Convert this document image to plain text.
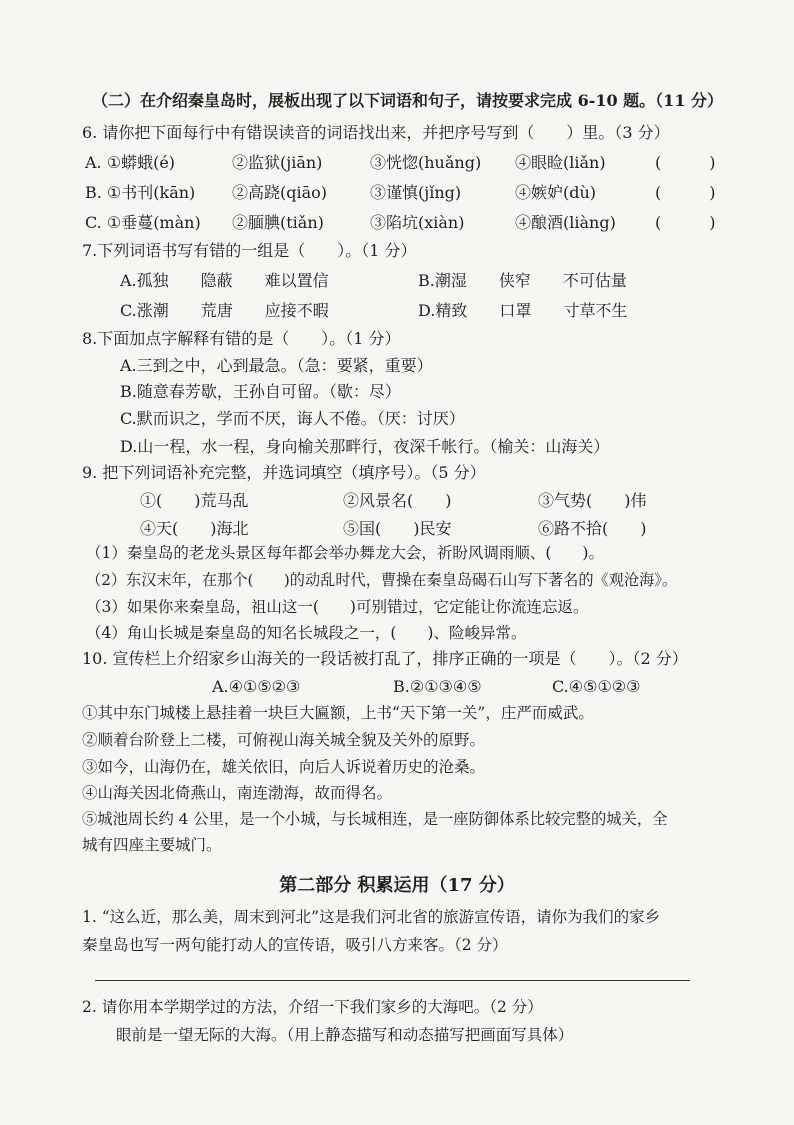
（二）在介绍秦皇岛时，展板出现了以下词语和句子，请按要求完成 6-10 题。（11 分）
6. 请你把下面每行中有错误读音的词语找出来，并把序号写到（　　）里。（3 分）
A. ①蟒蛾(é)	②监狱(jiān)	③恍惚(huǎng) ④眼睑(liǎn)	(　　　)
B. ①书刊(kān) ②高跷(qiāo)	③谨慎(jǐng)	④嫉妒(dù)	(　　　)
C. ①垂蔓(màn) ②腼腆(tiǎn)	③陷坑(xiàn)	④酿酒(liàng) (　　　)
7.下列词语书写有错的一组是（　　）。（1 分）
A.孤独　　隐蔽　　难以置信	B.潮湿　　侠窄　　不可估量
C.涨潮　　荒唐　　应接不暇	D.精致　　口罩　　寸草不生
8.下面加点字解释有错的是（　　）。（1 分）
A.三到之中，心到最急。（急：要紧，重要）
B.随意春芳歇，王孙自可留。（歇：尽）
C.默而识之，学而不厌，诲人不倦。（厌：讨厌）
D.山一程，水一程，身向榆关那畔行，夜深千帐行。（榆关：山海关）
9. 把下列词语补充完整，并选词填空（填序号）。（5 分）
①(　　)荒马乱	②风景名(　　)	③气势(　　)伟
④天(　　)海北	⑤国(　　)民安	⑥路不拾(　　)
（1）秦皇岛的老龙头景区每年都会举办舞龙大会，祈盼风调雨顺、(　　)。
（2）东汉末年，在那个(　　)的动乱时代，曹操在秦皇岛碣石山写下著名的《观沧海》。
（3）如果你来秦皇岛，祖山这一(　　)可别错过，它定能让你流连忘返。
（4）角山长城是秦皇岛的知名长城段之一，(　　)、险峻异常。
10. 宣传栏上介绍家乡山海关的一段话被打乱了，排序正确的一项是（　　）。（2 分）
A.④①⑤②③	B.②①③④⑤	C.④⑤①②③
①其中东门城楼上悬挂着一块巨大匾额，上书“天下第一关”，庄严而威武。
②顺着台阶登上二楼，可俯视山海关城全貌及关外的原野。
③如今，山海仍在，雄关依旧，向后人诉说着历史的沧桑。
④山海关因北倚燕山，南连渤海，故而得名。
⑤城池周长约 4 公里，是一个小城，与长城相连，是一座防御体系比较完整的城关，全
城有四座主要城门。
第二部分 积累运用（17 分）
1. “这么近，那么美，周末到河北”这是我们河北省的旅游宣传语，请你为我们的家乡
秦皇岛也写一两句能打动人的宣传语，吸引八方来客。（2 分）
2. 请你用本学期学过的方法，介绍一下我们家乡的大海吧。（2 分）
眼前是一望无际的大海。（用上静态描写和动态描写把画面写具体）
